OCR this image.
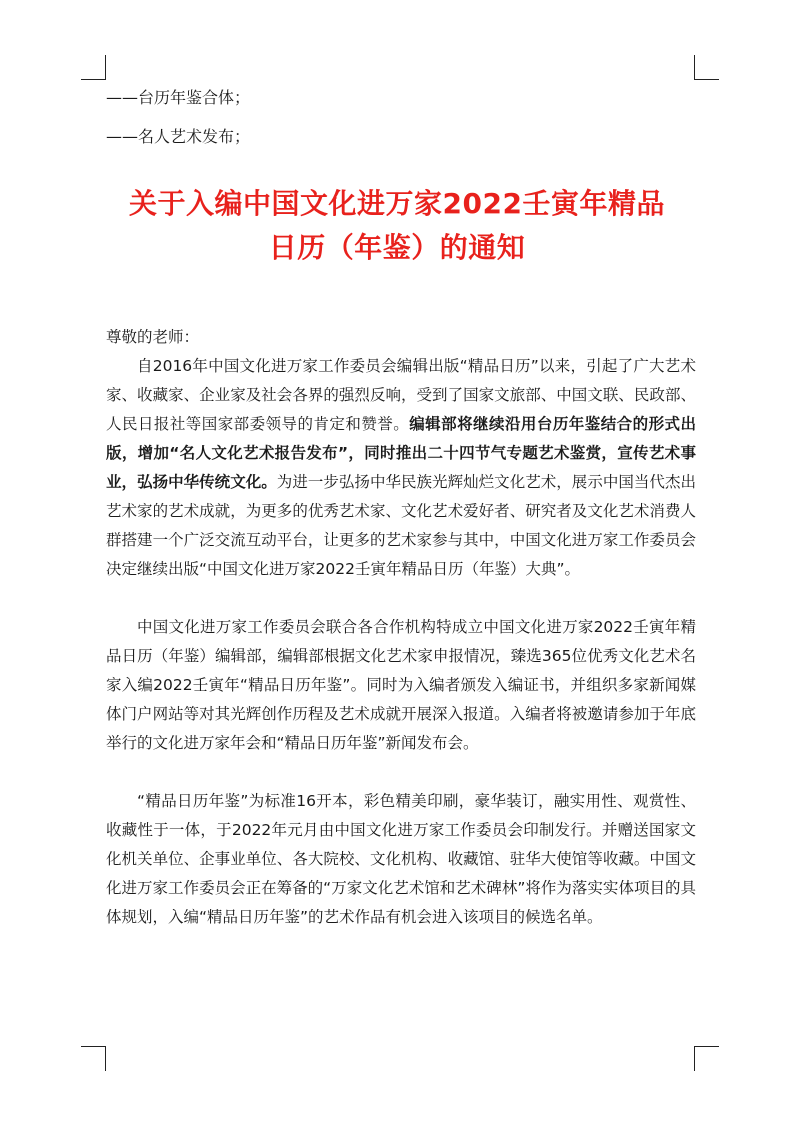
——台历年鉴合体；
——名人艺术发布；
关于入编中国文化进万家2022壬寅年精品
日历（年鉴）的通知

尊敬的老师：

自2016年中国文化进万家工作委员会编辑出版“精品日历”以来，引起了广大艺术家、收藏家、企业家及社会各界的强烈反响，受到了国家文旅部、中国文联、民政部、人民日报社等国家部委领导的肯定和赞誉。编辑部将继续沿用台历年鉴结合的形式出版，增加“名人文化艺术报告发布”，同时推出二十四节气专题艺术鉴赏，宣传艺术事业，弘扬中华传统文化。为进一步弘扬中华民族光辉灿烂文化艺术，展示中国当代杰出艺术家的艺术成就，为更多的优秀艺术家、文化艺术爱好者、研究者及文化艺术消费人群搭建一个广泛交流互动平台，让更多的艺术家参与其中，中国文化进万家工作委员会决定继续出版“中国文化进万家2022壬寅年精品日历（年鉴）大典”。

中国文化进万家工作委员会联合各合作机构特成立中国文化进万家2022壬寅年精品日历（年鉴）编辑部，编辑部根据文化艺术家申报情况，臻选365位优秀文化艺术名家入编2022壬寅年“精品日历年鉴”。同时为入编者颁发入编证书，并组织多家新闻媒体门户网站等对其光辉创作历程及艺术成就开展深入报道。入编者将被邀请参加于年底举行的文化进万家年会和“精品日历年鉴”新闻发布会。

“精品日历年鉴”为标准16开本，彩色精美印刷，豪华装订，融实用性、观赏性、收藏性于一体，于2022年元月由中国文化进万家工作委员会印制发行。并赠送国家文化机关单位、企事业单位、各大院校、文化机构、收藏馆、驻华大使馆等收藏。中国文化进万家工作委员会正在筹备的“万家文化艺术馆和艺术碑林”将作为落实实体项目的具体规划，入编“精品日历年鉴”的艺术作品有机会进入该项目的候选名单。
